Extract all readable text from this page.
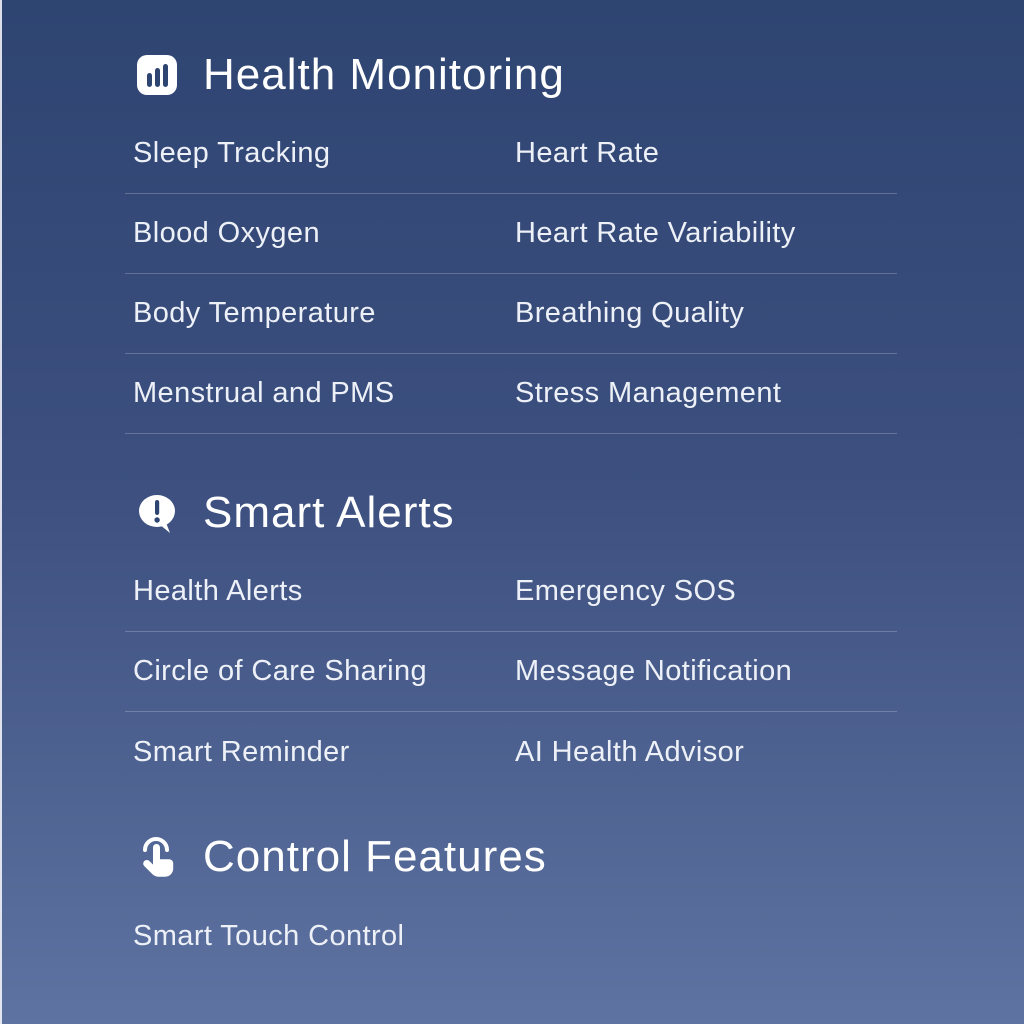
Health Monitoring
Sleep Tracking	Heart Rate
Blood Oxygen	Heart Rate Variability
Body Temperature	Breathing Quality
Menstrual and PMS	Stress Management
Smart Alerts
Health Alerts	Emergency SOS
Circle of Care Sharing	Message Notification
Smart Reminder	AI Health Advisor
Control Features
Smart Touch Control
